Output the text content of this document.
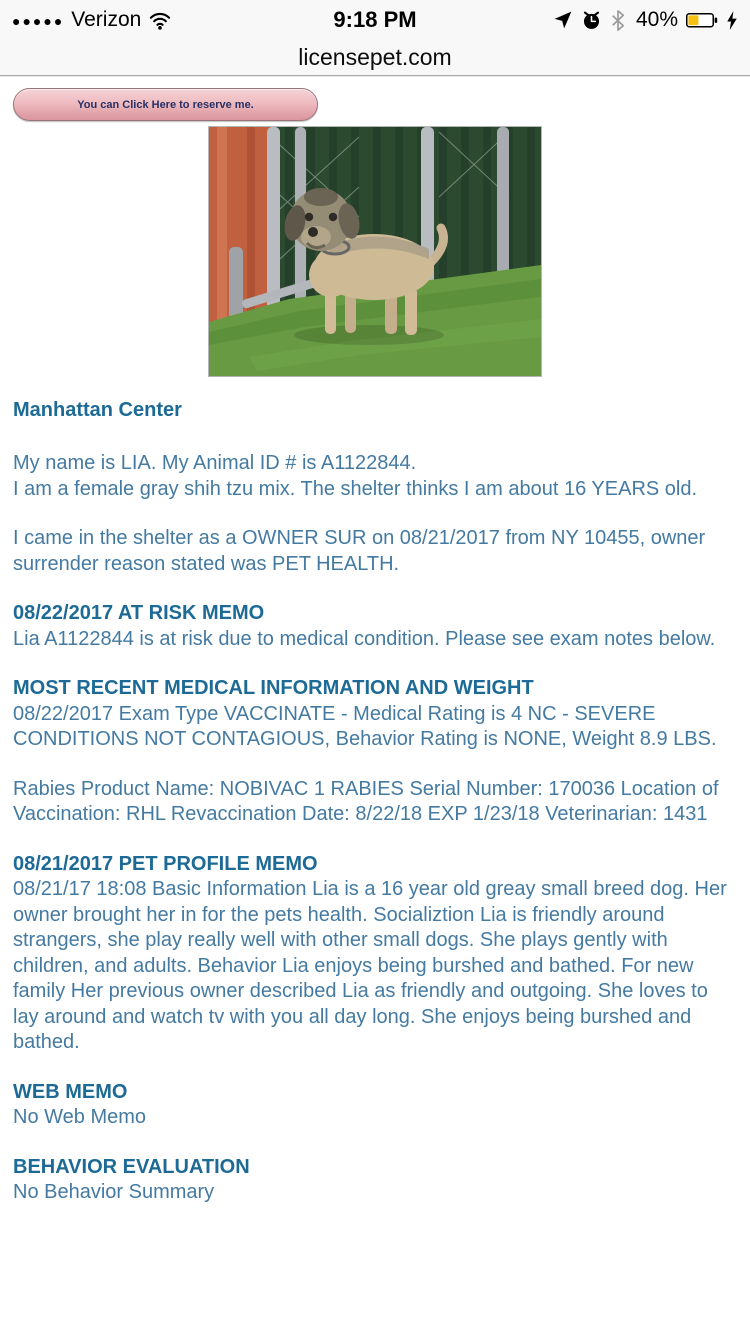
●●●●● Verizon	9:18 PM	40%
licensepet.com
You can Click Here to reserve me.
Manhattan Center

My name is LIA. My Animal ID # is A1122844.
I am a female gray shih tzu mix. The shelter thinks I am about 16 YEARS old.

I came in the shelter as a OWNER SUR on 08/21/2017 from NY 10455, owner surrender reason stated was PET HEALTH.

08/22/2017 AT RISK MEMO

Lia A1122844 is at risk due to medical condition. Please see exam notes below.

MOST RECENT MEDICAL INFORMATION AND WEIGHT

08/22/2017 Exam Type VACCINATE - Medical Rating is 4 NC - SEVERE CONDITIONS NOT CONTAGIOUS, Behavior Rating is NONE, Weight 8.9 LBS.

Rabies Product Name: NOBIVAC 1 RABIES Serial Number: 170036 Location of Vaccination: RHL Revaccination Date: 8/22/18 EXP 1/23/18 Veterinarian: 1431

08/21/2017 PET PROFILE MEMO

08/21/17 18:08 Basic Information Lia is a 16 year old greay small breed dog. Her owner brought her in for the pets health. Socializtion Lia is friendly around strangers, she play really well with other small dogs. She plays gently with children, and adults. Behavior Lia enjoys being burshed and bathed. For new family Her previous owner described Lia as friendly and outgoing. She loves to lay around and watch tv with you all day long. She enjoys being burshed and bathed.

WEB MEMO

No Web Memo

BEHAVIOR EVALUATION

No Behavior Summary
